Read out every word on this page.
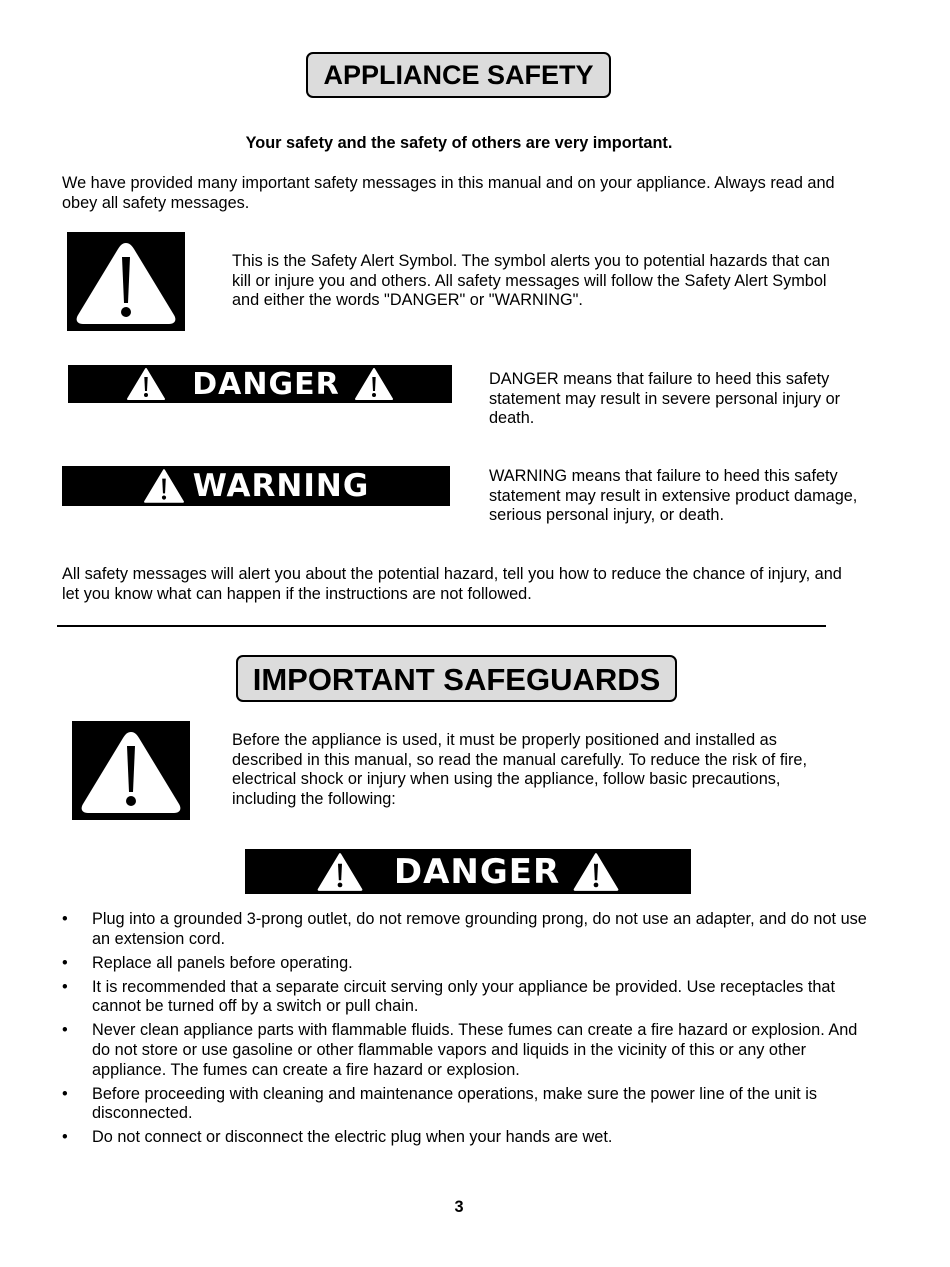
APPLIANCE SAFETY
Your safety and the safety of others are very important.
We have provided many important safety messages in this manual and on your appliance. Always read and obey all safety messages.
This is the Safety Alert Symbol. The symbol alerts you to potential hazards that can kill or injure you and others. All safety messages will follow the Safety Alert Symbol and either the words "DANGER" or "WARNING".
DANGER	DANGER means that failure to heed this safety statement may result in severe personal injury or death.
WARNING	WARNING means that failure to heed this safety statement may result in extensive product damage, serious personal injury, or death.
All safety messages will alert you about the potential hazard, tell you how to reduce the chance of injury, and let you know what can happen if the instructions are not followed.
IMPORTANT SAFEGUARDS
Before the appliance is used, it must be properly positioned and installed as described in this manual, so read the manual carefully. To reduce the risk of fire, electrical shock or injury when using the appliance, follow basic precautions, including the following:
DANGER
• Plug into a grounded 3-prong outlet, do not remove grounding prong, do not use an adapter, and do not use an extension cord.
• Replace all panels before operating.
• It is recommended that a separate circuit serving only your appliance be provided. Use receptacles that cannot be turned off by a switch or pull chain.
• Never clean appliance parts with flammable fluids. These fumes can create a fire hazard or explosion. And do not store or use gasoline or other flammable vapors and liquids in the vicinity of this or any other appliance. The fumes can create a fire hazard or explosion.
• Before proceeding with cleaning and maintenance operations, make sure the power line of the unit is disconnected.
• Do not connect or disconnect the electric plug when your hands are wet.
3
